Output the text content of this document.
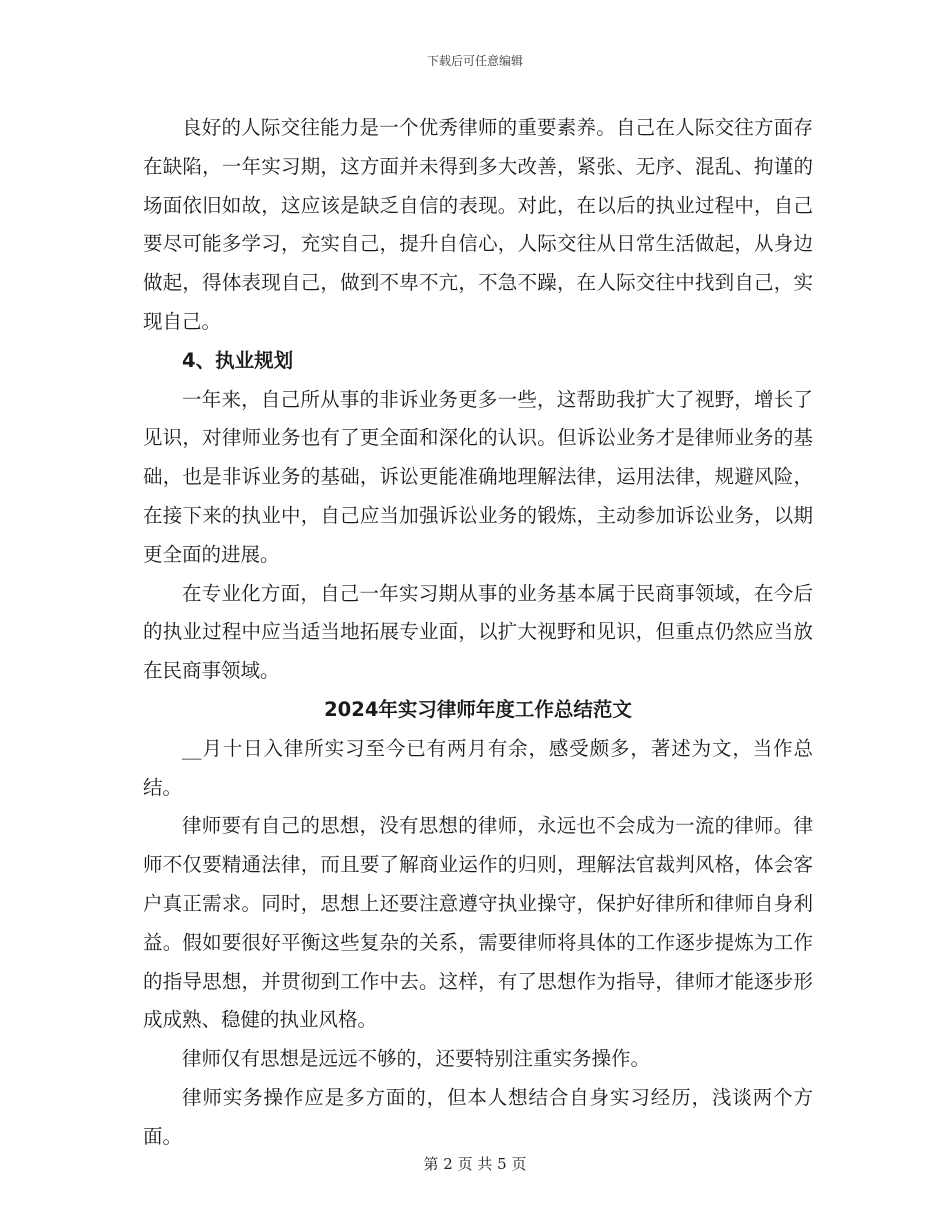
下载后可任意编辑

良好的人际交往能力是一个优秀律师的重要素养。自己在人际交往方面存在缺陷，一年实习期，这方面并未得到多大改善，紧张、无序、混乱、拘谨的场面依旧如故，这应该是缺乏自信的表现。对此，在以后的执业过程中，自己要尽可能多学习，充实自己，提升自信心，人际交往从日常生活做起，从身边做起，得体表现自己，做到不卑不亢，不急不躁，在人际交往中找到自己，实现自己。

4、执业规划

一年来，自己所从事的非诉业务更多一些，这帮助我扩大了视野，增长了见识，对律师业务也有了更全面和深化的认识。但诉讼业务才是律师业务的基础，也是非诉业务的基础，诉讼更能准确地理解法律，运用法律，规避风险，在接下来的执业中，自己应当加强诉讼业务的锻炼，主动参加诉讼业务，以期更全面的进展。

在专业化方面，自己一年实习期从事的业务基本属于民商事领域，在今后的执业过程中应当适当地拓展专业面，以扩大视野和见识，但重点仍然应当放在民商事领域。

2024年实习律师年度工作总结范文

__月十日入律所实习至今已有两月有余，感受颇多，著述为文，当作总结。

律师要有自己的思想，没有思想的律师，永远也不会成为一流的律师。律师不仅要精通法律，而且要了解商业运作的归则，理解法官裁判风格，体会客户真正需求。同时，思想上还要注意遵守执业操守，保护好律所和律师自身利益。假如要很好平衡这些复杂的关系，需要律师将具体的工作逐步提炼为工作的指导思想，并贯彻到工作中去。这样，有了思想作为指导，律师才能逐步形成成熟、稳健的执业风格。

律师仅有思想是远远不够的，还要特别注重实务操作。

律师实务操作应是多方面的，但本人想结合自身实习经历，浅谈两个方面。

第 2 页 共 5 页
